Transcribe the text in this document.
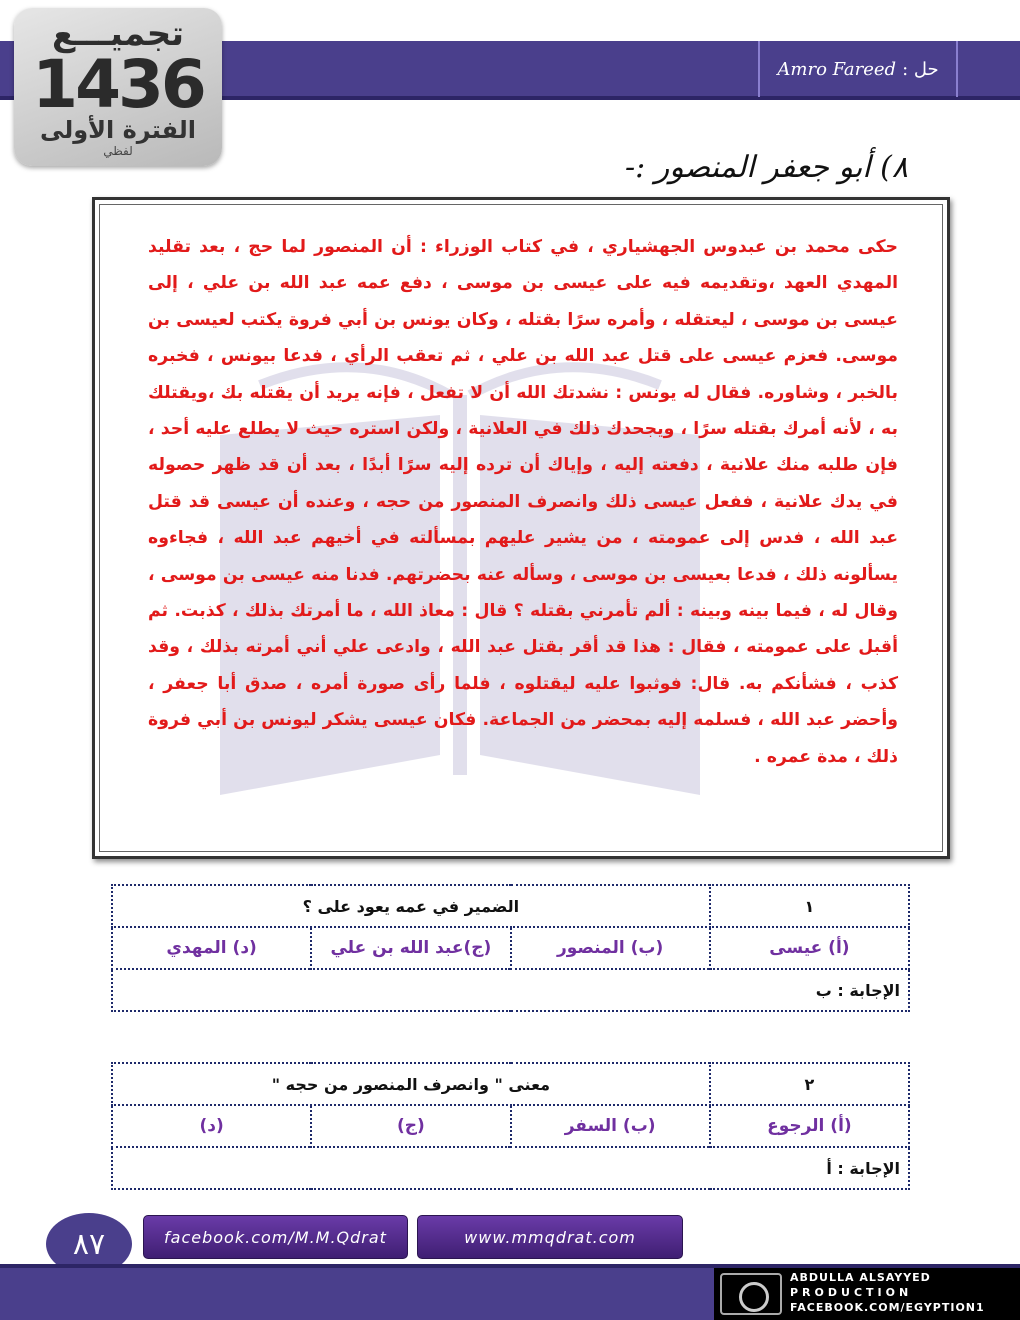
حل :
Amro Fareed
تجميـــع
1436
الفترة الأولى
لفظي	٨) أبو جعفر المنصور :-

حكى محمد بن عبدوس الجهشياري ، في كتاب الوزراء : أن المنصور لما حج ، بعد تقليد المهدي العهد ،وتقديمه فيه على عيسى بن موسى ، دفع عمه عبد الله بن علي ، إلى عيسى بن موسى ، ليعتقله ، وأمره سرًا بقتله ، وكان يونس بن أبي فروة يكتب لعيسى بن موسى. فعزم عيسى على قتل عبد الله بن علي ، ثم تعقب الرأي ، فدعا بيونس ، فخبره بالخبر ، وشاوره. فقال له يونس : نشدتك الله أن لا تفعل ، فإنه يريد أن يقتله بك ،ويقتلك به ، لأنه أمرك بقتله سرًا ، ويجحدك ذلك في العلانية ، ولكن استره حيث لا يطلع عليه أحد ، فإن طلبه منك علانية ، دفعته إليه ، وإياك أن ترده إليه سرًا أبدًا ، بعد أن قد ظهر حصوله في يدك علانية ، ففعل عيسى ذلك وانصرف المنصور من حجه ، وعنده أن عيسى قد قتل عبد الله ، فدس إلى عمومته ، من يشير عليهم بمسألته في أخيهم عبد الله ، فجاءوه يسألونه ذلك ، فدعا بعيسى بن موسى ، وسأله عنه بحضرتهم. فدنا منه عيسى بن موسى ، وقال له ، فيما بينه وبينه : ألم تأمرني بقتله ؟ قال : معاذ الله ، ما أمرتك بذلك ، كذبت. ثم أقبل على عمومته ، فقال : هذا قد أقر بقتل عبد الله ، وادعى علي أني أمرته بذلك ، وقد كذب ، فشأنكم به. قال: فوثبوا عليه ليقتلوه ، فلما رأى صورة أمره ، صدق أبا جعفر ، وأحضر عبد الله ، فسلمه إليه بمحضر من الجماعة. فكان عيسى يشكر ليونس بن أبي فروة ذلك ، مدة عمره .

١	الضمير في عمه يعود على ؟		
(أ) عيسى	(ب) المنصور	(ج)عبد الله بن علي	(د) المهدي
الإجابة : ب			
٢	معنى " وانصرف المنصور من حجه "		
(أ) الرجوع	(ب) السفر	(ج)	(د)
الإجابة : أ			
٨٧	facebook.com/M.M.Qdrat	www.mmqdrat.com
ABDULLA ALSAYYED
PRODUCTION
FACEBOOK.COM/EGYPTION1
